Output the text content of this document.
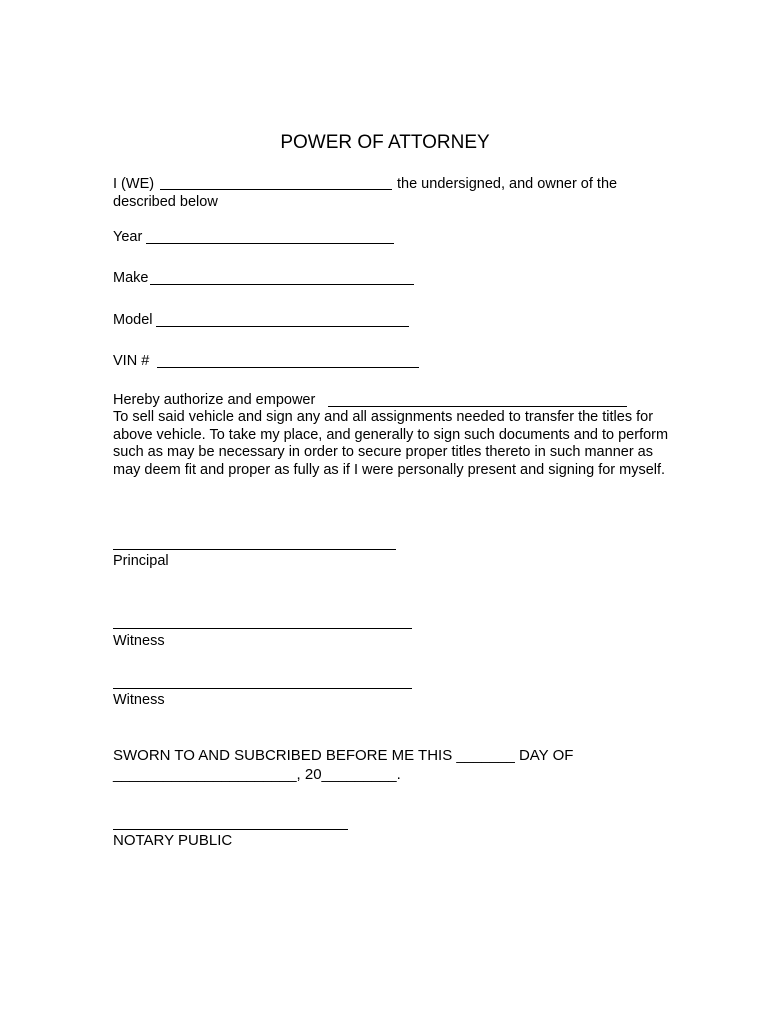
POWER OF ATTORNEY

I (WE)	the undersigned, and owner of the

described below

Year

Make

Model

VIN #

Hereby authorize and empower

To sell said vehicle and sign any and all assignments needed to transfer the titles for above vehicle. To take my place, and generally to sign such documents and to perform such as may be necessary in order to secure proper titles thereto in such manner as may deem fit and proper as fully as if I were personally present and signing for myself.

Principal

Witness

Witness

SWORN TO AND SUBCRIBED BEFORE ME THIS _______ DAY OF

______________________, 20_________.

NOTARY PUBLIC
